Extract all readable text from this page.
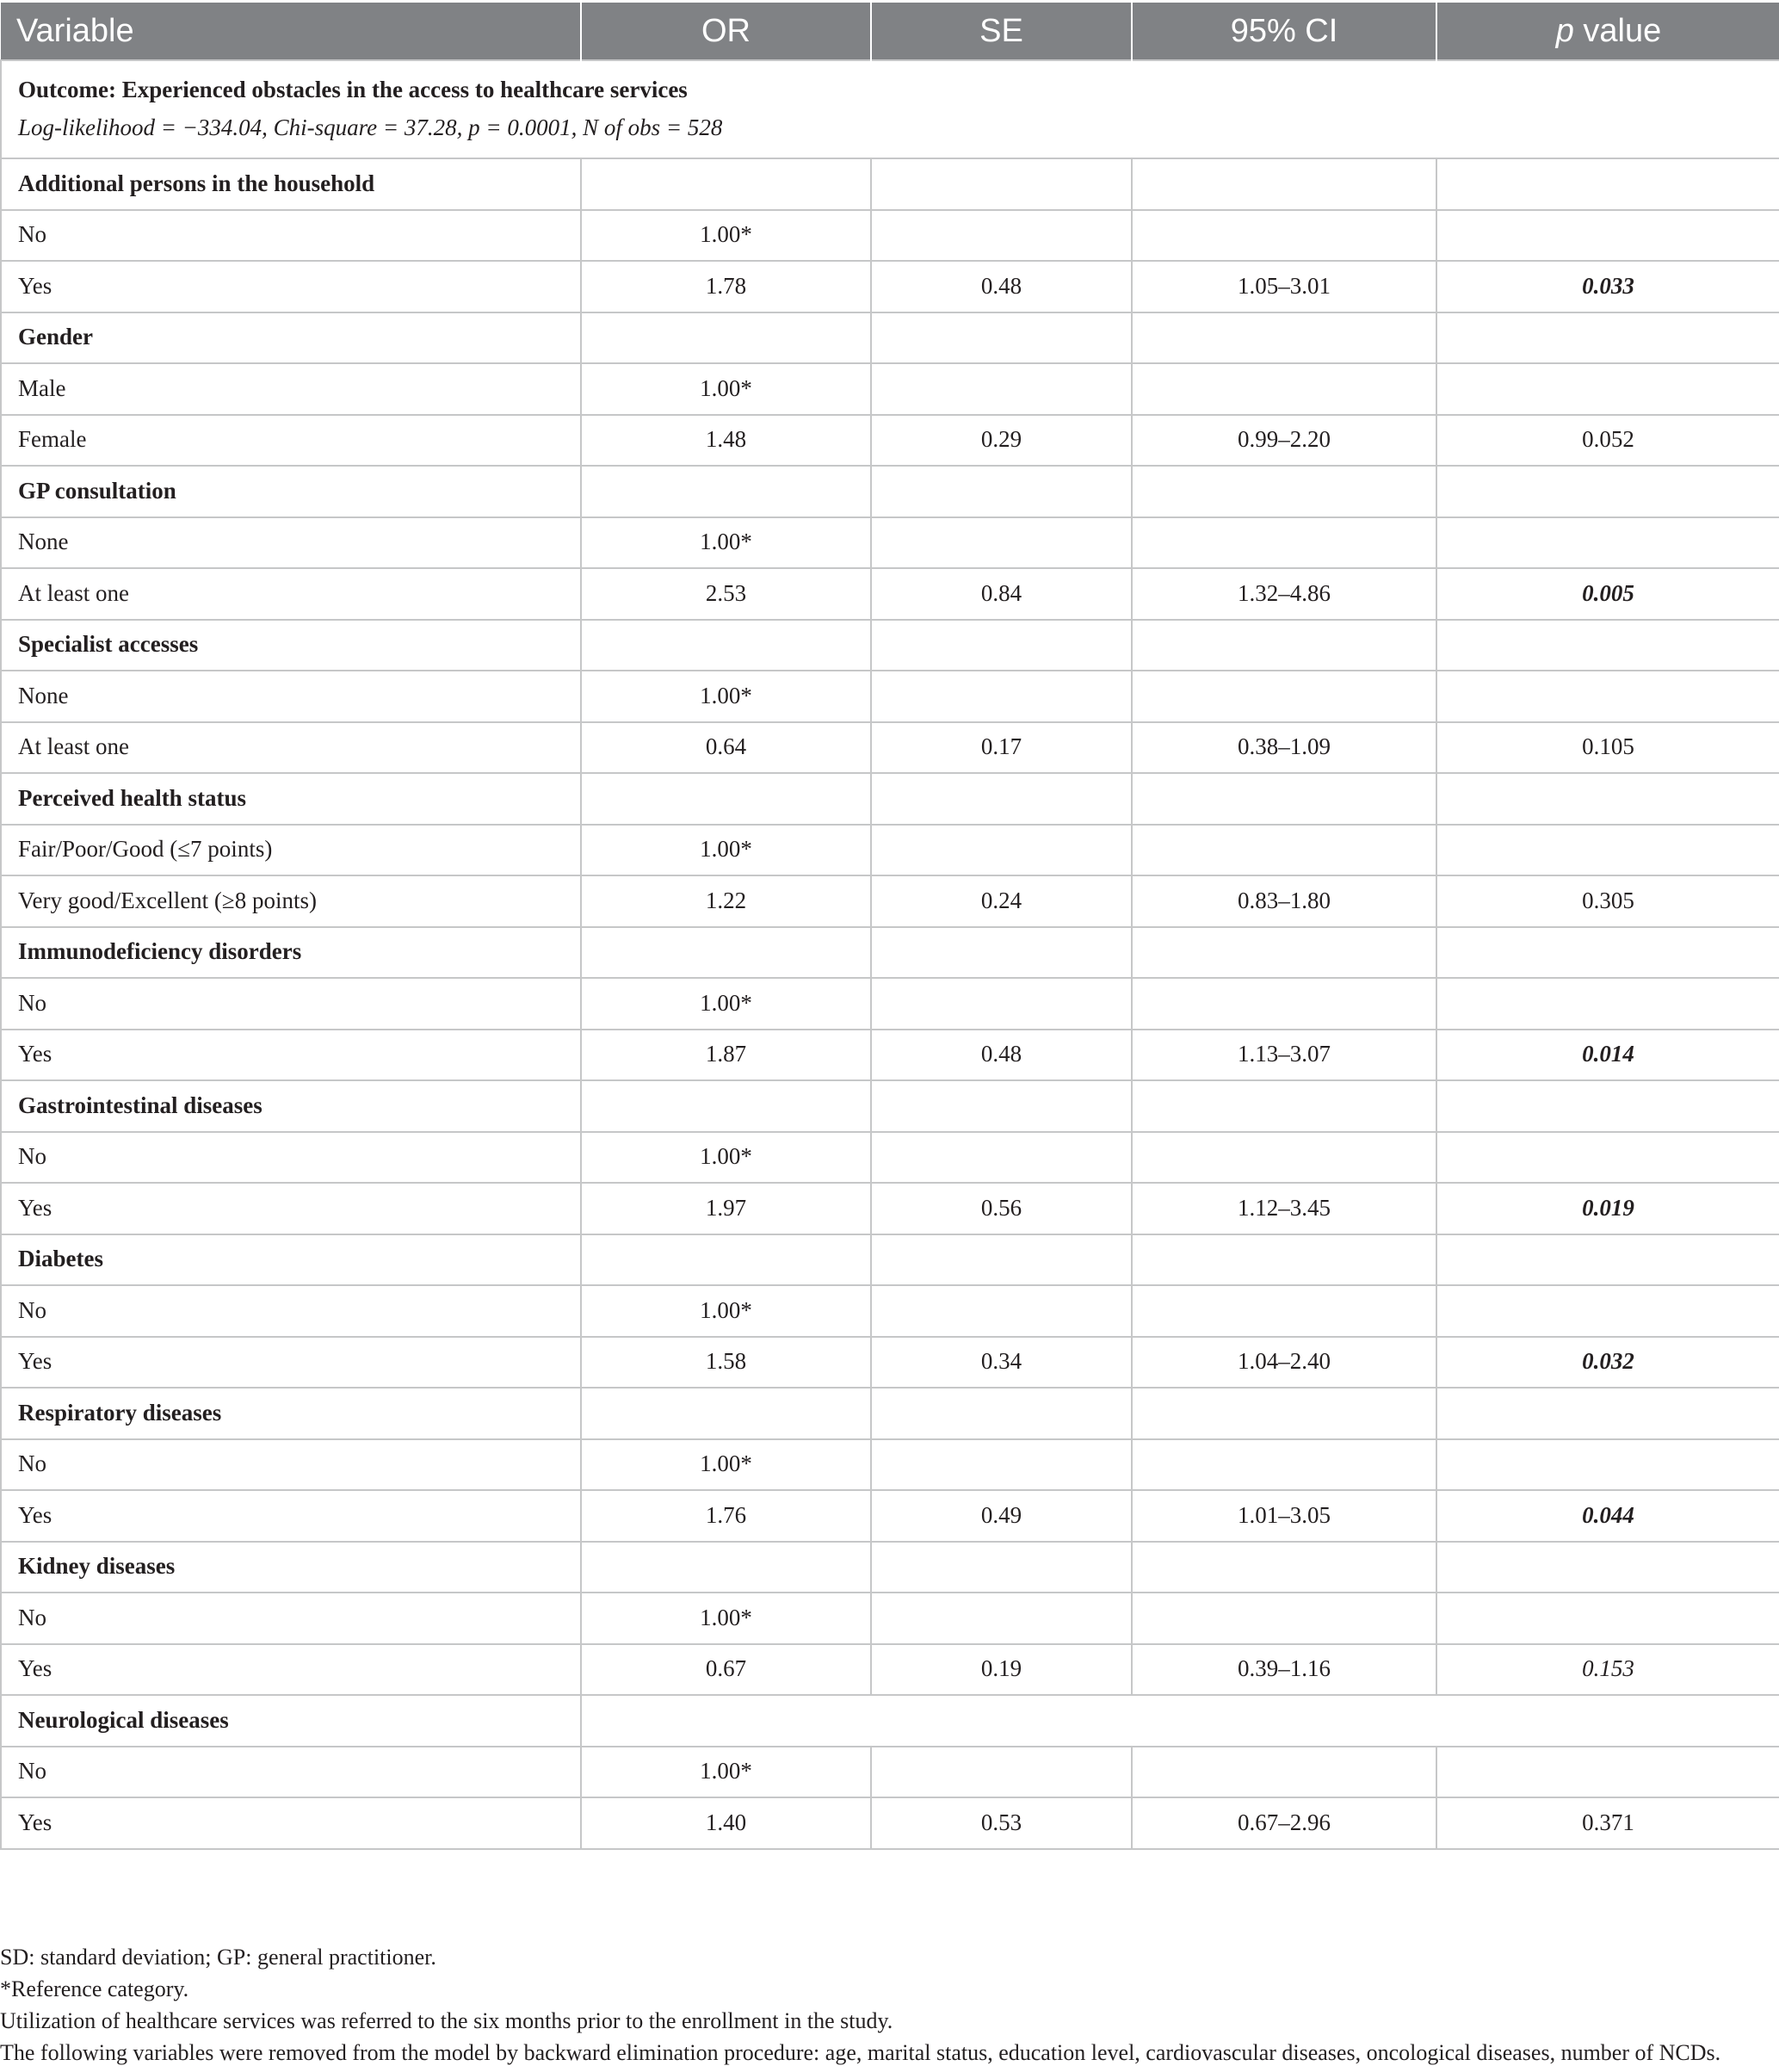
Variable	OR	SE	95% CI	p value

Outcome: Experienced obstacles in the access to healthcare services
Log-likelihood = −334.04, Chi-square = 37.28, p = 0.0001, N of obs = 528				

Additional persons in the household				
No	1.00*			
Yes	1.78	0.48	1.05–3.01	0.033
Gender				
Male	1.00*			
Female	1.48	0.29	0.99–2.20	0.052
GP consultation				
None	1.00*			
At least one	2.53	0.84	1.32–4.86	0.005
Specialist accesses				
None	1.00*			
At least one	0.64	0.17	0.38–1.09	0.105
Perceived health status				
Fair/Poor/Good (≤7 points)	1.00*			
Very good/Excellent (≥8 points)	1.22	0.24	0.83–1.80	0.305
Immunodeficiency disorders				
No	1.00*			
Yes	1.87	0.48	1.13–3.07	0.014
Gastrointestinal diseases				
No	1.00*			
Yes	1.97	0.56	1.12–3.45	0.019
Diabetes				
No	1.00*			
Yes	1.58	0.34	1.04–2.40	0.032
Respiratory diseases				
No	1.00*			
Yes	1.76	0.49	1.01–3.05	0.044
Kidney diseases				
No	1.00*			
Yes	0.67	0.19	0.39–1.16	0.153
Neurological diseases				
No	1.00*			
Yes	1.40	0.53	0.67–2.96	0.371
SD: standard deviation; GP: general practitioner.
*Reference category.
Utilization of healthcare services was referred to the six months prior to the enrollment in the study.
The following variables were removed from the model by backward elimination procedure: age, marital status, education level, cardiovascular diseases, oncological diseases, number of NCDs.
